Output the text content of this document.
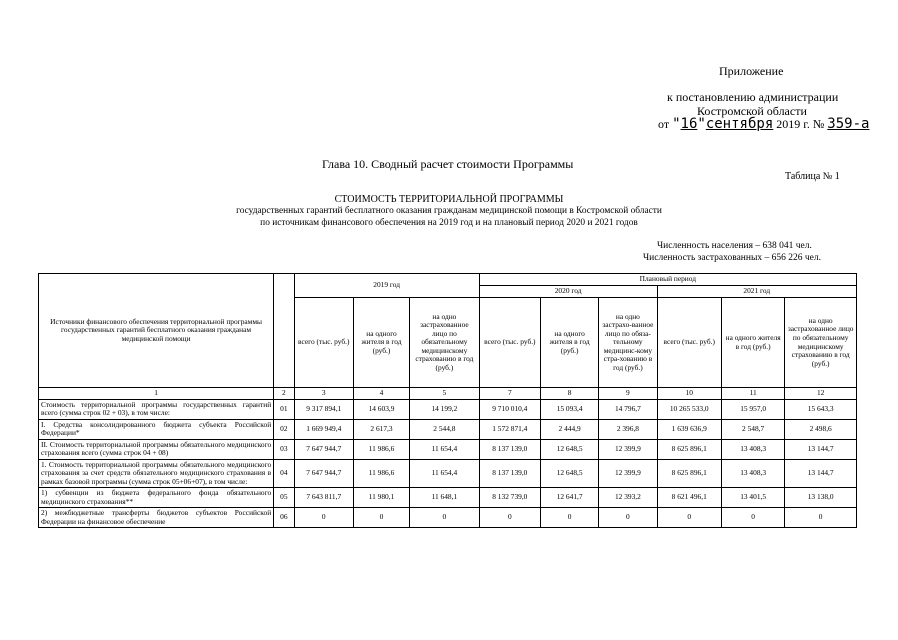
Приложение
к постановлению администрации
Костромской области
от "16"сентября 2019 г. № 359-а
Глава 10. Сводный расчет стоимости Программы
Таблица № 1
СТОИМОСТЬ ТЕРРИТОРИАЛЬНОЙ ПРОГРАММЫ
государственных гарантий бесплатного оказания гражданам медицинской помощи в Костромской области
по источникам финансового обеспечения на 2019 год и на плановый период 2020 и 2021 годов
Численность населения – 638 041 чел.
Численность застрахованных – 656 226 чел.
Источники финансового обеспечения территориальной программы государственных гарантий бесплатного оказания гражданам медицинской помощи		2019 год			Плановый период					
					2020 год			2021 год		
		всего (тыс. руб.)	на одного жителя в год (руб.)	на одно застрахованное лицо по обязательному медицинскому страхованию в год (руб.)	всего (тыс. руб.)	на одного жителя в год (руб.)	на одно застрахо-ванное лицо по обяза-тельному медицинс-кому стра-хованию в год (руб.)	всего (тыс. руб.)	на одного жителя в год (руб.)	на одно застрахованное лицо по обязательному медицинскому страхованию в год (руб.)
1	2	3	4	5	7	8	9	10	11	12
Стоимость территориальной программы государственных гарантий всего (сумма строк 02 + 03), в том числе:	01	9 317 894,1	14 603,9	14 199,2	9 710 010,4	15 093,4	14 796,7	10 265 533,0	15 957,0	15 643,3
I. Средства консолидированного бюджета субъекта Российской Федерации*	02	1 669 949,4	2 617,3	2 544,8	1 572 871,4	2 444,9	2 396,8	1 639 636,9	2 548,7	2 498,6
II. Стоимость территориальной программы обязательного медицинского страхования всего (сумма строк 04 + 08)	03	7 647 944,7	11 986,6	11 654,4	8 137 139,0	12 648,5	12 399,9	8 625 896,1	13 408,3	13 144,7
1. Стоимость территориальной программы обязательного медицинского страхования за счет средств обязательного медицинского страхования в рамках базовой программы (сумма строк 05+06+07), в том числе:	04	7 647 944,7	11 986,6	11 654,4	8 137 139,0	12 648,5	12 399,9	8 625 896,1	13 408,3	13 144,7
1) субвенции из бюджета федерального фонда обязательного медицинского страхования**	05	7 643 811,7	11 980,1	11 648,1	8 132 739,0	12 641,7	12 393,2	8 621 496,1	13 401,5	13 138,0
2) межбюджетные трансферты бюджетов субъектов Российской Федерации на финансовое обеспечение	06	0	0	0	0	0	0	0	0	0
